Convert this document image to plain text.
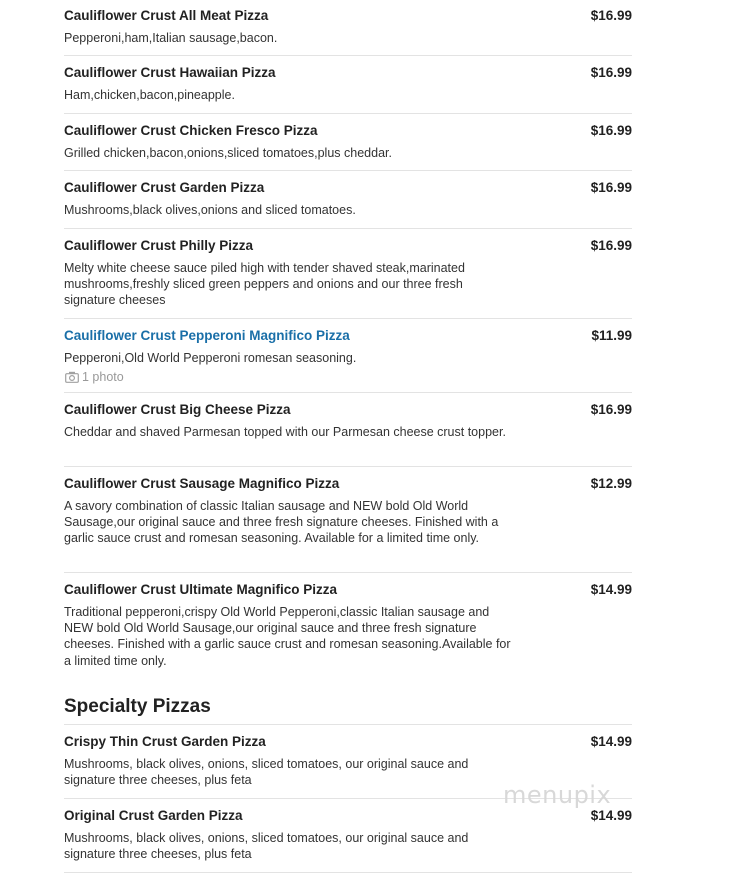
Cauliflower Crust All Meat Pizza	$16.99
Pepperoni,ham,Italian sausage,bacon.
Cauliflower Crust Hawaiian Pizza	$16.99
Ham,chicken,bacon,pineapple.
Cauliflower Crust Chicken Fresco Pizza	$16.99
Grilled chicken,bacon,onions,sliced tomatoes,plus cheddar.
Cauliflower Crust Garden Pizza	$16.99
Mushrooms,black olives,onions and sliced tomatoes.
Cauliflower Crust Philly Pizza	$16.99
Melty white cheese sauce piled high with tender shaved steak,marinated mushrooms,freshly sliced green peppers and onions and our three fresh signature cheeses
Cauliflower Crust Pepperoni Magnifico Pizza	$11.99
Pepperoni,Old World Pepperoni romesan seasoning.
1 photo
Cauliflower Crust Big Cheese Pizza	$16.99
Cheddar and shaved Parmesan topped with our Parmesan cheese crust topper.
Cauliflower Crust Sausage Magnifico Pizza	$12.99
A savory combination of classic Italian sausage and NEW bold Old World Sausage,our original sauce and three fresh signature cheeses. Finished with a garlic sauce crust and romesan seasoning. Available for a limited time only.
Cauliflower Crust Ultimate Magnifico Pizza	$14.99
Traditional pepperoni,crispy Old World Pepperoni,classic Italian sausage and NEW bold Old World Sausage,our original sauce and three fresh signature cheeses. Finished with a garlic sauce crust and romesan seasoning.Available for a limited time only.
Specialty Pizzas
Crispy Thin Crust Garden Pizza	$14.99
Mushrooms, black olives, onions, sliced tomatoes, our original sauce and signature three cheeses, plus feta
Original Crust Garden Pizza	$14.99
Mushrooms, black olives, onions, sliced tomatoes, our original sauce and signature three cheeses, plus feta
menupix
